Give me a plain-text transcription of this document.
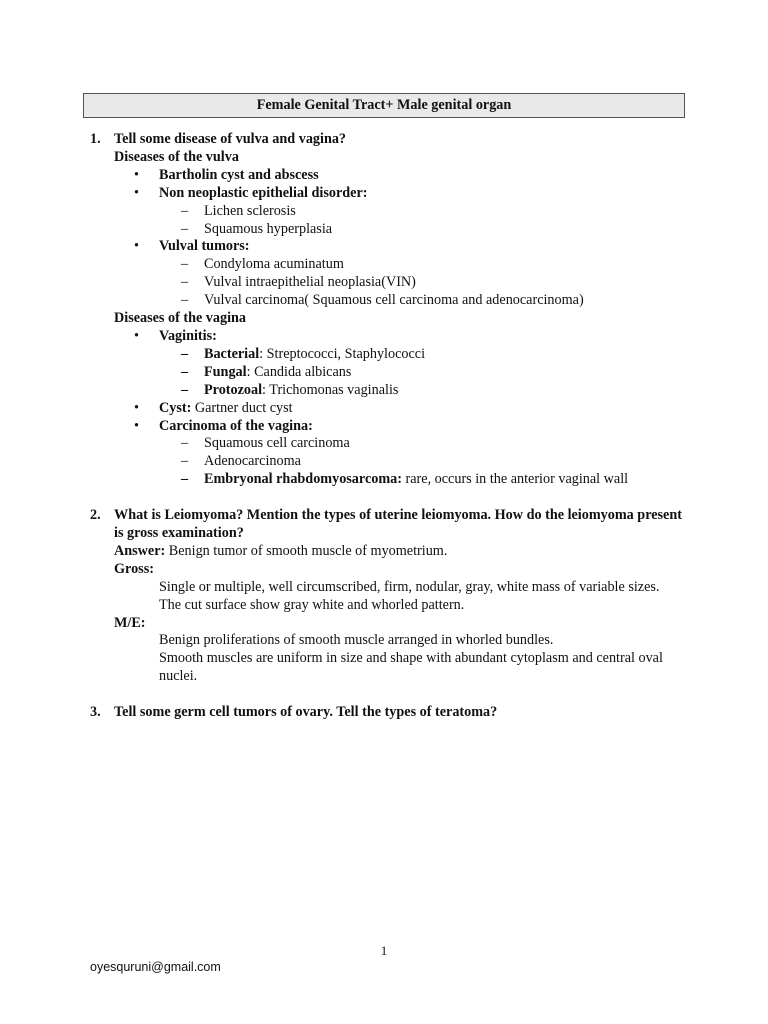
Female Genital Tract+ Male genital organ
1. Tell some disease of vulva and vagina?
Diseases of the vulva
• Bartholin cyst and abscess
• Non neoplastic epithelial disorder:
– Lichen sclerosis
– Squamous hyperplasia
• Vulval tumors:
– Condyloma acuminatum
– Vulval intraepithelial neoplasia(VIN)
– Vulval carcinoma( Squamous cell carcinoma and adenocarcinoma)
Diseases of the vagina
• Vaginitis:
– Bacterial: Streptococci, Staphylococci
– Fungal: Candida albicans
– Protozoal: Trichomonas vaginalis
• Cyst: Gartner duct cyst
• Carcinoma of the vagina:
– Squamous cell carcinoma
– Adenocarcinoma
– Embryonal rhabdomyosarcoma: rare, occurs in the anterior vaginal wall
2. What is Leiomyoma? Mention the types of uterine leiomyoma. How do the leiomyoma present is gross examination?
Answer: Benign tumor of smooth muscle of myometrium.
Gross:
Single or multiple, well circumscribed, firm, nodular, gray, white mass of variable sizes.
The cut surface show gray white and whorled pattern.
M/E:
Benign proliferations of smooth muscle arranged in whorled bundles.
Smooth muscles are uniform in size and shape with abundant cytoplasm and central oval nuclei.
3. Tell some germ cell tumors of ovary. Tell the types of teratoma?
1
oyesquruni@gmail.com
